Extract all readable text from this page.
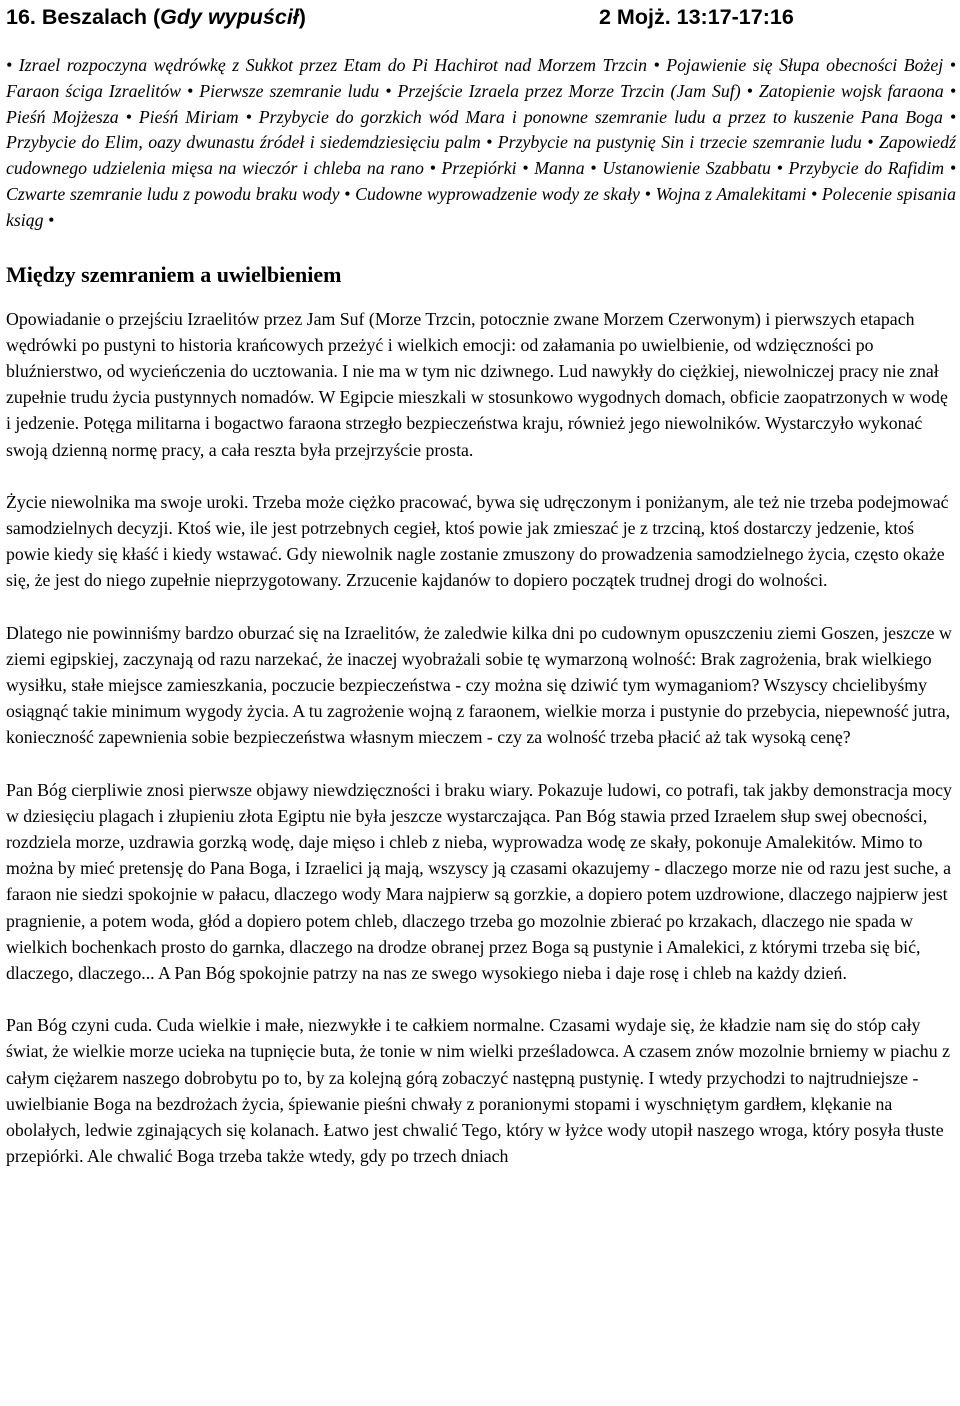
16. Beszalach (Gdy wypuścił)	2 Mojż. 13:17-17:16
• Izrael rozpoczyna wędrówkę z Sukkot przez Etam do Pi Hachirot nad Morzem Trzcin • Pojawienie się Słupa obecności Bożej • Faraon ściga Izraelitów • Pierwsze szemranie ludu • Przejście Izraela przez Morze Trzcin (Jam Suf) • Zatopienie wojsk faraona • Pieśń Mojżesza • Pieśń Miriam • Przybycie do gorzkich wód Mara i ponowne szemranie ludu a przez to kuszenie Pana Boga • Przybycie do Elim, oazy dwunastu źródeł i siedemdziesięciu palm • Przybycie na pustynię Sin i trzecie szemranie ludu • Zapowiedź cudownego udzielenia mięsa na wieczór i chleba na rano • Przepiórki • Manna • Ustanowienie Szabbatu • Przybycie do Rafidim • Czwarte szemranie ludu z powodu braku wody • Cudowne wyprowadzenie wody ze skały • Wojna z Amalekitami • Polecenie spisania ksiąg •
Między szemraniem a uwielbieniem

Opowiadanie o przejściu Izraelitów przez Jam Suf (Morze Trzcin, potocznie zwane Morzem Czerwonym) i pierwszych etapach wędrówki po pustyni to historia krańcowych przeżyć i wielkich emocji: od załamania po uwielbienie, od wdzięczności po bluźnierstwo, od wycieńczenia do ucztowania. I nie ma w tym nic dziwnego. Lud nawykły do ciężkiej, niewolniczej pracy nie znał zupełnie trudu życia pustynnych nomadów. W Egipcie mieszkali w stosunkowo wygodnych domach, obficie zaopatrzonych w wodę i jedzenie. Potęga militarna i bogactwo faraona strzegło bezpieczeństwa kraju, również jego niewolników. Wystarczyło wykonać swoją dzienną normę pracy, a cała reszta była przejrzyście prosta.

Życie niewolnika ma swoje uroki. Trzeba może ciężko pracować, bywa się udręczonym i poniżanym, ale też nie trzeba podejmować samodzielnych decyzji. Ktoś wie, ile jest potrzebnych cegieł, ktoś powie jak zmieszać je z trzciną, ktoś dostarczy jedzenie, ktoś powie kiedy się kłaść i kiedy wstawać. Gdy niewolnik nagle zostanie zmuszony do prowadzenia samodzielnego życia, często okaże się, że jest do niego zupełnie nieprzygotowany. Zrzucenie kajdanów to dopiero początek trudnej drogi do wolności.

Dlatego nie powinniśmy bardzo oburzać się na Izraelitów, że zaledwie kilka dni po cudownym opuszczeniu ziemi Goszen, jeszcze w ziemi egipskiej, zaczynają od razu narzekać, że inaczej wyobrażali sobie tę wymarzoną wolność: Brak zagrożenia, brak wielkiego wysiłku, stałe miejsce zamieszkania, poczucie bezpieczeństwa - czy można się dziwić tym wymaganiom? Wszyscy chcielibyśmy osiągnąć takie minimum wygody życia. A tu zagrożenie wojną z faraonem, wielkie morza i pustynie do przebycia, niepewność jutra, konieczność zapewnienia sobie bezpieczeństwa własnym mieczem - czy za wolność trzeba płacić aż tak wysoką cenę?

Pan Bóg cierpliwie znosi pierwsze objawy niewdzięczności i braku wiary. Pokazuje ludowi, co potrafi, tak jakby demonstracja mocy w dziesięciu plagach i złupieniu złota Egiptu nie była jeszcze wystarczająca. Pan Bóg stawia przed Izraelem słup swej obecności, rozdziela morze, uzdrawia gorzką wodę, daje mięso i chleb z nieba, wyprowadza wodę ze skały, pokonuje Amalekitów. Mimo to można by mieć pretensję do Pana Boga, i Izraelici ją mają, wszyscy ją czasami okazujemy - dlaczego morze nie od razu jest suche, a faraon nie siedzi spokojnie w pałacu, dlaczego wody Mara najpierw są gorzkie, a dopiero potem uzdrowione, dlaczego najpierw jest pragnienie, a potem woda, głód a dopiero potem chleb, dlaczego trzeba go mozolnie zbierać po krzakach, dlaczego nie spada w wielkich bochenkach prosto do garnka, dlaczego na drodze obranej przez Boga są pustynie i Amalekici, z którymi trzeba się bić, dlaczego, dlaczego... A Pan Bóg spokojnie patrzy na nas ze swego wysokiego nieba i daje rosę i chleb na każdy dzień.

Pan Bóg czyni cuda. Cuda wielkie i małe, niezwykłe i te całkiem normalne. Czasami wydaje się, że kładzie nam się do stóp cały świat, że wielkie morze ucieka na tupnięcie buta, że tonie w nim wielki prześladowca. A czasem znów mozolnie brniemy w piachu z całym ciężarem naszego dobrobytu po to, by za kolejną górą zobaczyć następną pustynię. I wtedy przychodzi to najtrudniejsze - uwielbianie Boga na bezdrożach życia, śpiewanie pieśni chwały z poranionymi stopami i wyschniętym gardłem, klękanie na obolałych, ledwie zginających się kolanach. Łatwo jest chwalić Tego, który w łyżce wody utopił naszego wroga, który posyła tłuste przepiórki. Ale chwalić Boga trzeba także wtedy, gdy po trzech dniach
